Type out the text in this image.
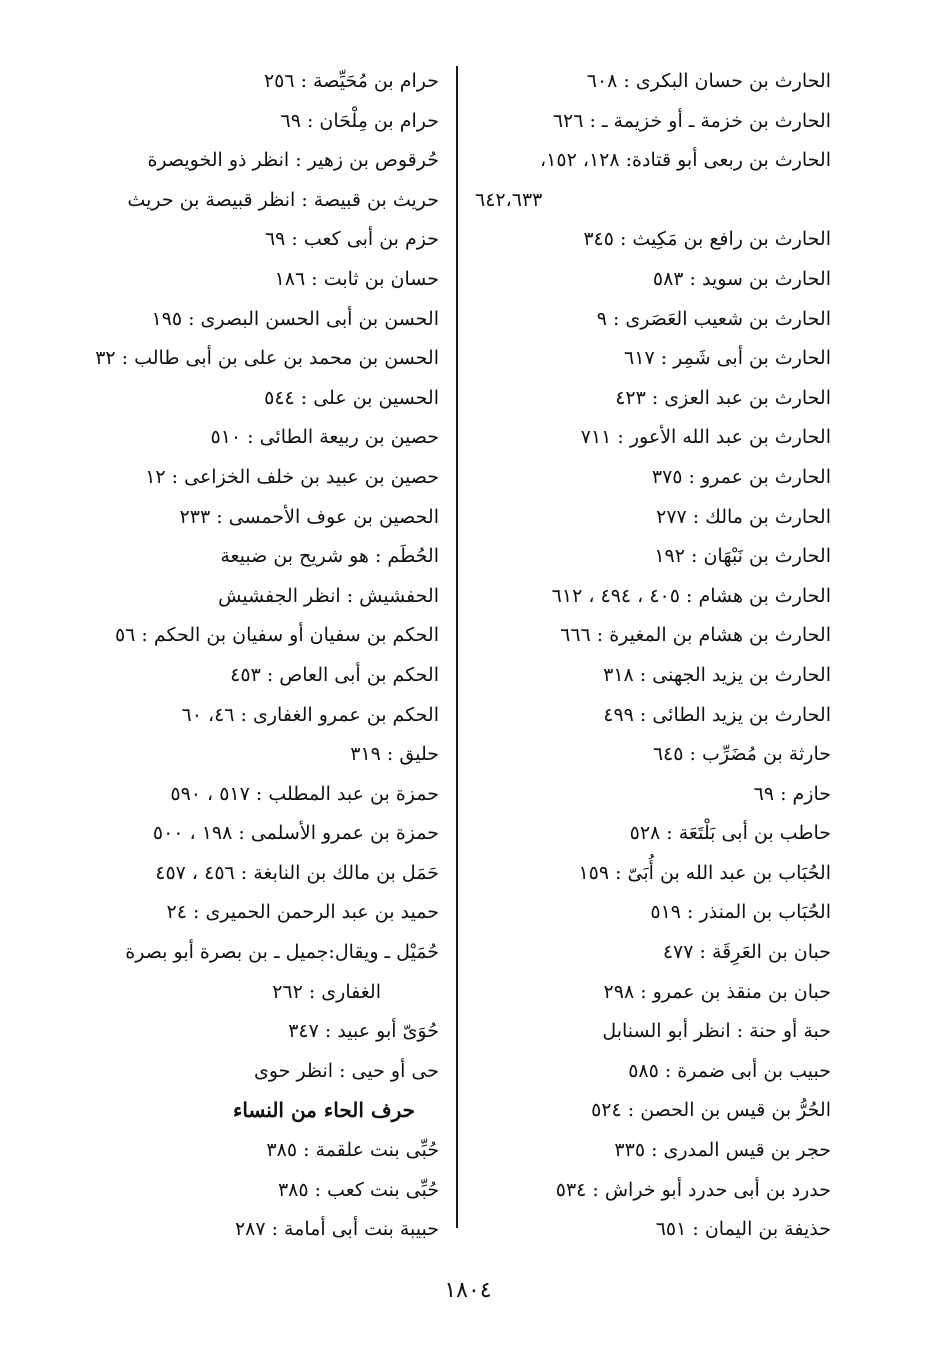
الحارث بن حسان البكرى : ٦٠٨
الحارث بن خزمة ـ أو خزيمة ـ : ٦٢٦
الحارث بن ربعى أبو قتادة: ١٢٨، ١٥٢،
٦٤٢،٦٣٣
الحارث بن رافع بن مَكِيث : ٣٤٥
الحارث بن سويد : ٥٨٣
الحارث بن شعيب العَصَرى : ٩
الحارث بن أبى شَمِر : ٦١٧
الحارث بن عبد العزى : ٤٢٣
الحارث بن عبد الله الأعور : ٧١١
الحارث بن عمرو : ٣٧٥
الحارث بن مالك : ٢٧٧
الحارث بن نَبْهَان : ١٩٢
الحارث بن هشام : ٤٠٥ ، ٤٩٤ ، ٦١٢
الحارث بن هشام بن المغيرة : ٦٦٦
الحارث بن يزيد الجهنى : ٣١٨
الحارث بن يزيد الطائى : ٤٩٩
حارثة بن مُضَرِّب : ٦٤٥
حازم : ٦٩
حاطب بن أبى بَلْتَعَة : ٥٢٨
الحُبَاب بن عبد الله بن أُبَىّ : ١٥٩
الحُبَاب بن المنذر : ٥١٩
حبان بن العَرِقَة : ٤٧٧
حبان بن منقذ بن عمرو : ٢٩٨
حبة أو حنة : انظر أبو السنابل
حبيب بن أبى ضمرة : ٥٨٥
الحُرُّ بن قيس بن الحصن : ٥٢٤
حجر بن قيس المدرى : ٣٣٥
حدرد بن أبى حدرد أبو خراش : ٥٣٤
حذيفة بن اليمان : ٦٥١
حرام بن مُحَيِّصة : ٢٥٦
حرام بن مِلْحَان : ٦٩
حُرقوص بن زهير : انظر ذو الخويصرة
حريث بن قبيصة : انظر قبيصة بن حريث
حزم بن أبى كعب : ٦٩
حسان بن ثابت : ١٨٦
الحسن بن أبى الحسن البصرى : ١٩٥
الحسن بن محمد بن على بن أبى طالب : ٣٢
الحسين بن على : ٥٤٤
حصين بن ربيعة الطائى : ٥١٠
حصين بن عبيد بن خلف الخزاعى : ١٢
الحصين بن عوف الأحمسى : ٢٣٣
الحُطَم : هو شريح بن ضبيعة
الحفشيش : انظر الجفشيش
الحكم بن سفيان أو سفيان بن الحكم : ٥٦
الحكم بن أبى العاص : ٤٥٣
الحكم بن عمرو الغفارى : ٤٦، ٦٠
حليق : ٣١٩
حمزة بن عبد المطلب : ٥١٧ ، ٥٩٠
حمزة بن عمرو الأسلمى : ١٩٨ ، ٥٠٠
حَمَل بن مالك بن النابغة : ٤٥٦ ، ٤٥٧
حميد بن عبد الرحمن الحميرى : ٢٤
حُمَيْل ـ ويقال:جميل ـ بن بصرة أبو بصرة
الغفارى : ٢٦٢
حُوَىّ أبو عبيد : ٣٤٧
حى أو حيى : انظر حوى
حرف الحاء من النساء
حُبِّى بنت علقمة : ٣٨٥
حُبِّى بنت كعب : ٣٨٥
حبيبة بنت أبى أمامة : ٢٨٧
١٨٠٤
